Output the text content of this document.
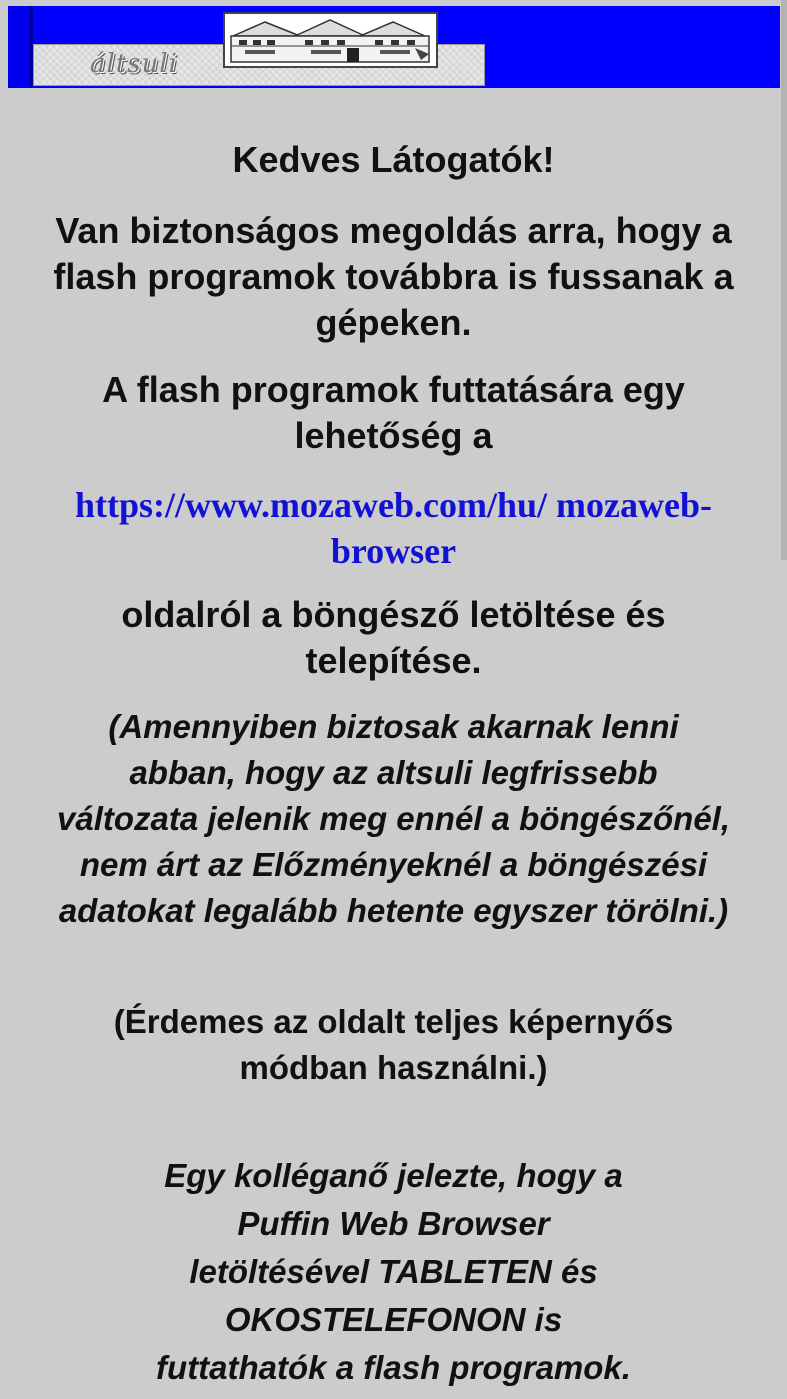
áltsuli

Kedves Látogatók!

Van biztonságos megoldás arra, hogy a

flash programok továbbra is fussanak a

gépeken.

A flash programok futtatására egy

lehetőség a

https://www.mozaweb.com/hu/ mozaweb-
browser

oldalról a böngésző letöltése és

telepítése.

(Amennyiben biztosak akarnak lenni

abban, hogy az altsuli legfrissebb

változata jelenik meg ennél a böngészőnél,

nem árt az Előzményeknél a böngészési

adatokat legalább hetente egyszer törölni.)

(Érdemes az oldalt teljes képernyős

módban használni.)

Egy kolléganő jelezte, hogy a

Puffin Web Browser

letöltésével TABLETEN és

OKOSTELEFONON is

futtathatók a flash programok.
